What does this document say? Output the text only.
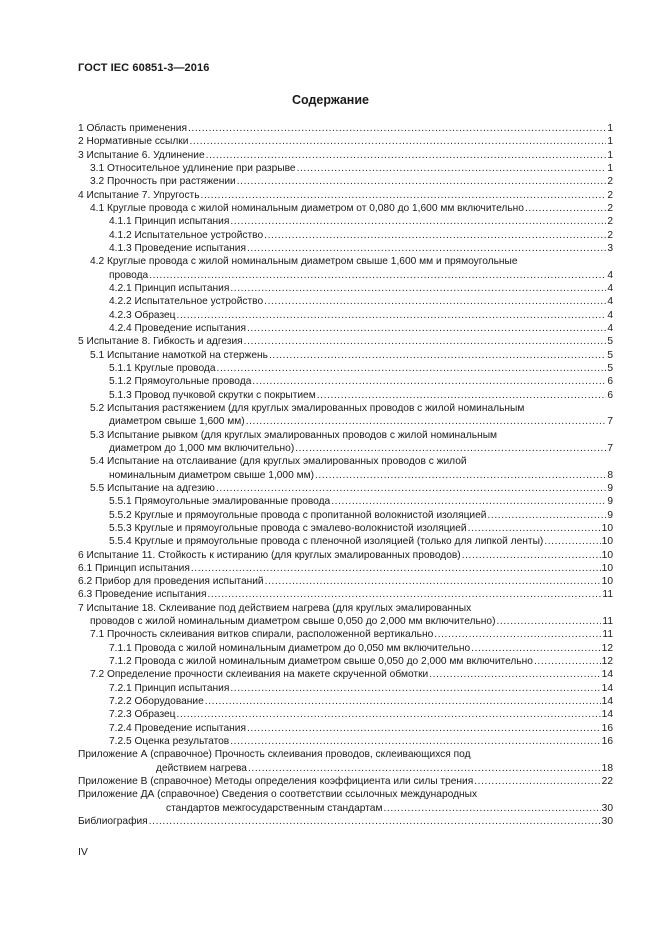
ГОСТ IEC 60851-3—2016
Содержание
1 Область применения .....	1
2 Нормативные ссылки .....	1
3 Испытание 6. Удлинение .....	1
3.1 Относительное удлинение при разрыве .....	1
3.2 Прочность при растяжении .....	2
4 Испытание 7. Упругость .....	2
4.1 Круглые провода с жилой номинальным диаметром от 0,080 до 1,600 мм включительно .....	2
4.1.1 Принцип испытания .....	2
4.1.2 Испытательное устройство .....	2
4.1.3 Проведение испытания .....	3
4.2 Круглые провода с жилой номинальным диаметром свыше 1,600 мм и прямоугольные
провода .....	4
4.2.1 Принцип испытания .....	4
4.2.2 Испытательное устройство .....	4
4.2.3 Образец .....	4
4.2.4 Проведение испытания .....	4
5 Испытание 8. Гибкость и адгезия .....	5
5.1 Испытание намоткой на стержень .....	5
5.1.1 Круглые провода .....	5
5.1.2 Прямоугольные провода .....	6
5.1.3 Провод пучковой скрутки с покрытием .....	6
5.2 Испытания растяжением (для круглых эмалированных проводов с жилой номинальным
диаметром свыше 1,600 мм) .....	7
5.3 Испытание рывком (для круглых эмалированных проводов с жилой номинальным
диаметром до 1,000 мм включительно) .....	7
5.4 Испытание на отслаивание (для круглых эмалированных проводов с жилой
номинальным диаметром свыше 1,000 мм) .....	8
5.5 Испытание на адгезию .....	9
5.5.1 Прямоугольные эмалированные провода .....	9
5.5.2 Круглые и прямоугольные провода с пропитанной волокнистой изоляцией .....	9
5.5.3 Круглые и прямоугольные провода с эмалево-волокнистой изоляцией .....	10
5.5.4 Круглые и прямоугольные провода с пленочной изоляцией (только для липкой ленты) .....	10
6 Испытание 11. Стойкость к истиранию (для круглых эмалированных проводов) .....	10
6.1 Принцип испытания .....	10
6.2 Прибор для проведения испытаний .....	10
6.3 Проведение испытания .....	11
7 Испытание 18. Склеивание под действием нагрева (для круглых эмалированных
проводов с жилой номинальным диаметром свыше 0,050 до 2,000 мм включительно) .....	11
7.1 Прочность склеивания витков спирали, расположенной вертикально .....	11
7.1.1 Провода с жилой номинальным диаметром до 0,050 мм включительно .....	12
7.1.2 Провода с жилой номинальным диаметром свыше 0,050 до 2,000 мм включительно .....	12
7.2 Определение прочности склеивания на макете скрученной обмотки .....	14
7.2.1 Принцип испытания .....	14
7.2.2 Оборудование .....	14
7.2.3 Образец .....	14
7.2.4 Проведение испытания .....	16
7.2.5 Оценка результатов .....	16
Приложение А (справочное) Прочность склеивания проводов, склеивающихся под
действием нагрева .....	18
Приложение В (справочное) Методы определения коэффициента или силы трения .....	22
Приложение ДА (справочное) Сведения о соответствии ссылочных международных
стандартов межгосударственным стандартам .....	30
Библиография .....	30
IV
